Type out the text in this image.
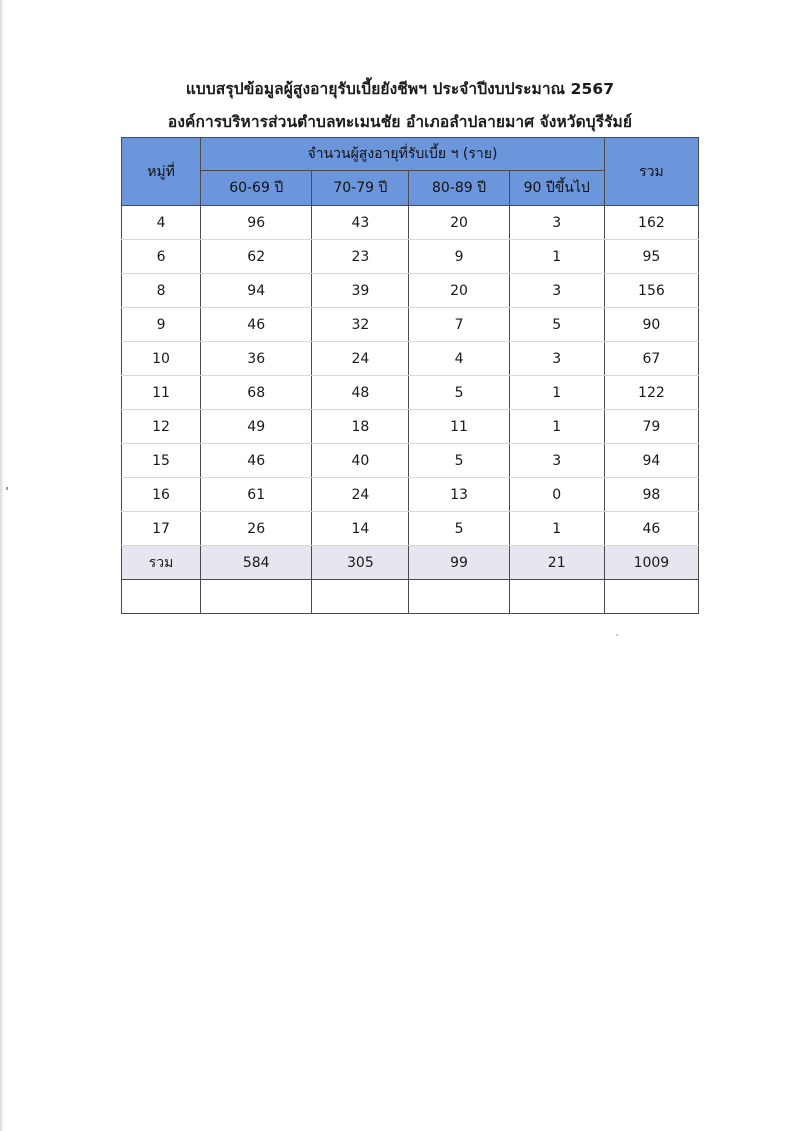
แบบสรุปข้อมูลผู้สูงอายุรับเบี้ยยังชีพฯ ประจำปีงบประมาณ 2567
องค์การบริหารส่วนตำบลทะเมนชัย อำเภอลำปลายมาศ จังหวัดบุรีรัมย์
หมู่ที่	จำนวนผู้สูงอายุที่รับเบี้ย ฯ (ราย)				รวม
	60-69 ปี	70-79 ปี	80-89 ปี	90 ปีขึ้นไป	
4	96	43	20	3	162
6	62	23	9	1	95
8	94	39	20	3	156
9	46	32	7	5	90
10	36	24	4	3	67
11	68	48	5	1	122
12	49	18	11	1	79
15	46	40	5	3	94
16	61	24	13	0	98
17	26	14	5	1	46
รวม	584	305	99	21	1009
